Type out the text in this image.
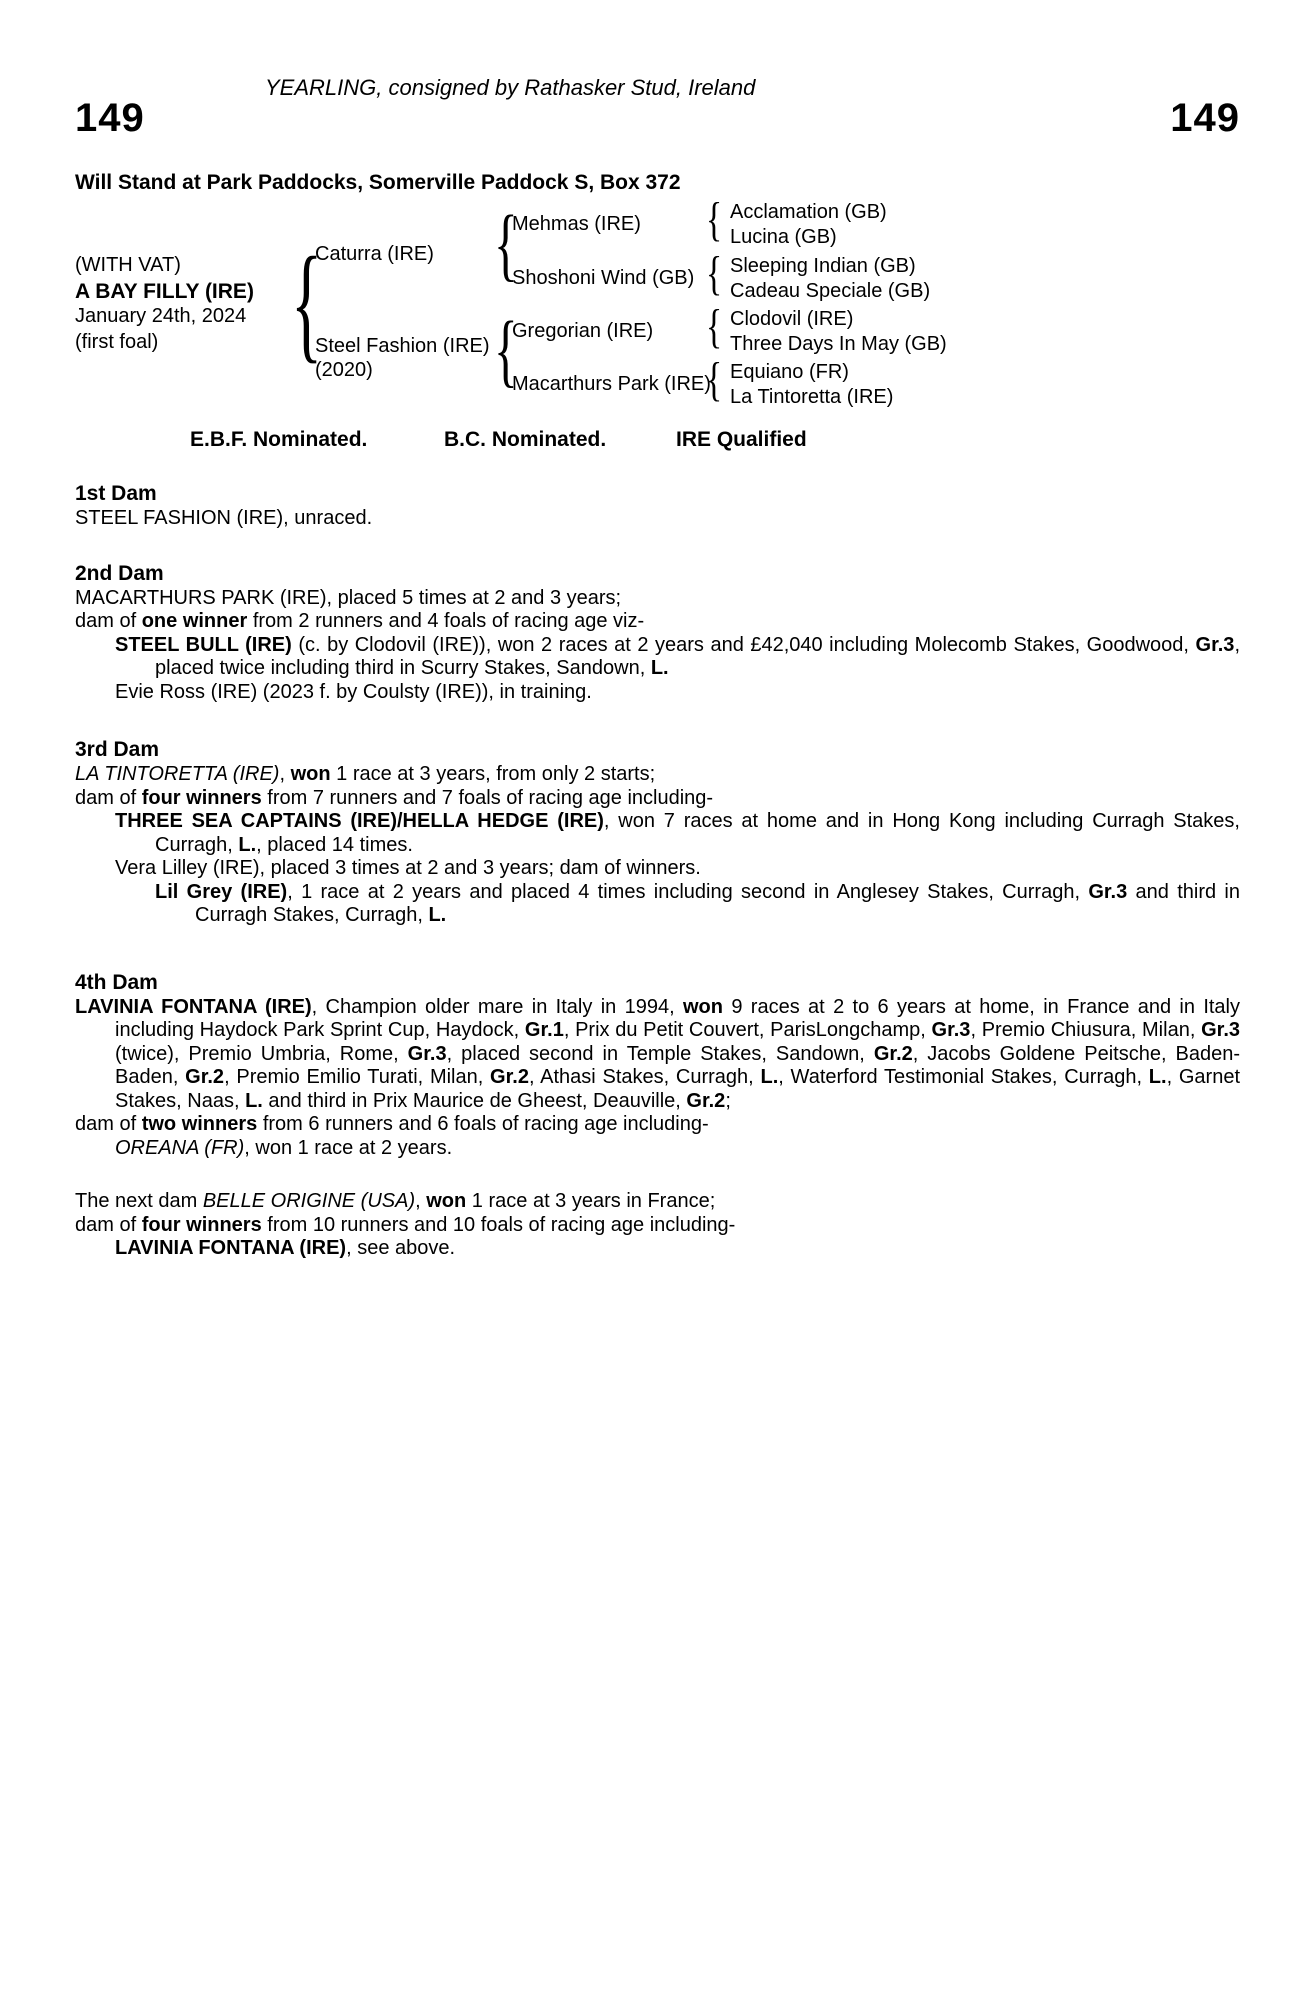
YEARLING, consigned by Rathasker Stud, Ireland
149	149
Will Stand at Park Paddocks, Somerville Paddock S, Box 372
(WITH VAT)
A BAY FILLY (IRE)
January 24th, 2024
(first foal)
{
Caturra (IRE)
Steel Fashion (IRE)
(2020)
{
{
Mehmas (IRE)
Shoshoni Wind (GB)
Gregorian (IRE)
Macarthurs Park (IRE)
{
{
{
{
Acclamation (GB)
Lucina (GB)
Sleeping Indian (GB)
Cadeau Speciale (GB)
Clodovil (IRE)
Three Days In May (GB)
Equiano (FR)
La Tintoretta (IRE)
E.B.F. Nominated.	B.C. Nominated.	IRE Qualified
1st Dam
STEEL FASHION (IRE), unraced.
2nd Dam
MACARTHURS PARK (IRE), placed 5 times at 2 and 3 years;
dam of one winner from 2 runners and 4 foals of racing age viz-
STEEL BULL (IRE) (c. by Clodovil (IRE)), won 2 races at 2 years and £42,040 including Molecomb Stakes, Goodwood, Gr.3, placed twice including third in Scurry Stakes, Sandown, L.
Evie Ross (IRE) (2023 f. by Coulsty (IRE)), in training.
3rd Dam
LA TINTORETTA (IRE), won 1 race at 3 years, from only 2 starts;
dam of four winners from 7 runners and 7 foals of racing age including-
THREE SEA CAPTAINS (IRE)/HELLA HEDGE (IRE), won 7 races at home and in Hong Kong including Curragh Stakes, Curragh, L., placed 14 times.
Vera Lilley (IRE), placed 3 times at 2 and 3 years; dam of winners.
Lil Grey (IRE), 1 race at 2 years and placed 4 times including second in Anglesey Stakes, Curragh, Gr.3 and third in Curragh Stakes, Curragh, L.
4th Dam
LAVINIA FONTANA (IRE), Champion older mare in Italy in 1994, won 9 races at 2 to 6 years at home, in France and in Italy including Haydock Park Sprint Cup, Haydock, Gr.1, Prix du Petit Couvert, ParisLongchamp, Gr.3, Premio Chiusura, Milan, Gr.3 (twice), Premio Umbria, Rome, Gr.3, placed second in Temple Stakes, Sandown, Gr.2, Jacobs Goldene Peitsche, Baden-Baden, Gr.2, Premio Emilio Turati, Milan, Gr.2, Athasi Stakes, Curragh, L., Waterford Testimonial Stakes, Curragh, L., Garnet Stakes, Naas, L. and third in Prix Maurice de Gheest, Deauville, Gr.2;
dam of two winners from 6 runners and 6 foals of racing age including-
OREANA (FR), won 1 race at 2 years.
The next dam BELLE ORIGINE (USA), won 1 race at 3 years in France;
dam of four winners from 10 runners and 10 foals of racing age including-
LAVINIA FONTANA (IRE), see above.
